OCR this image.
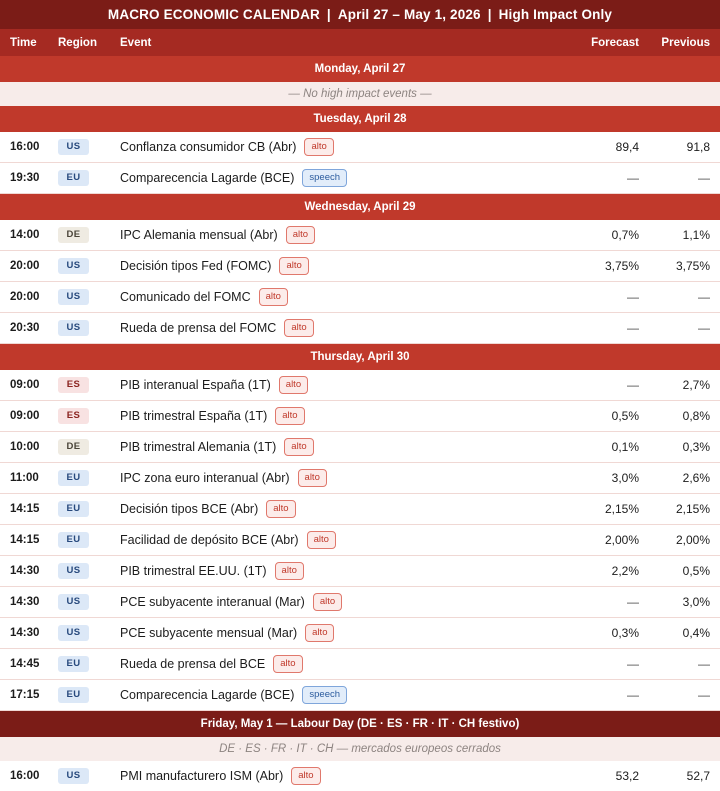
MACRO ECONOMIC CALENDAR | April 27 – May 1, 2026 | High Impact Only
Time Region Event	Forecast Previous
Monday, April 27
— No high impact events —
Tuesday, April 28
16:00	US	Conflanza consumidor CB (Abr)	alto	89,4	91,8
19:30	EU	Comparecencia Lagarde (BCE)	speech	—	—
Wednesday, April 29
14:00	DE	IPC Alemania mensual (Abr)	alto	0,7%	1,1%
20:00	US	Decisión tipos Fed (FOMC)	alto	3,75%	3,75%
20:00	US	Comunicado del FOMC	alto	—	—
20:30	US	Rueda de prensa del FOMC	alto	—	—
Thursday, April 30
09:00	ES	PIB interanual España (1T)	alto	—	2,7%
09:00	ES	PIB trimestral España (1T)	alto	0,5%	0,8%
10:00	DE	PIB trimestral Alemania (1T)	alto	0,1%	0,3%
11:00	EU	IPC zona euro interanual (Abr)	alto	3,0%	2,6%
14:15	EU	Decisión tipos BCE (Abr)	alto	2,15%	2,15%
14:15	EU	Facilidad de depósito BCE (Abr)	alto	2,00%	2,00%
14:30	US	PIB trimestral EE.UU. (1T)	alto	2,2%	0,5%
14:30	US	PCE subyacente interanual (Mar)	alto	—	3,0%
14:30	US	PCE subyacente mensual (Mar)	alto	0,3%	0,4%
14:45	EU	Rueda de prensa del BCE	alto	—	—
17:15	EU	Comparecencia Lagarde (BCE)	speech	—	—
Friday, May 1 — Labour Day (DE · ES · FR · IT · CH festivo)
DE · ES · FR · IT · CH — mercados europeos cerrados
16:00	US	PMI manufacturero ISM (Abr)	alto	53,2	52,7
